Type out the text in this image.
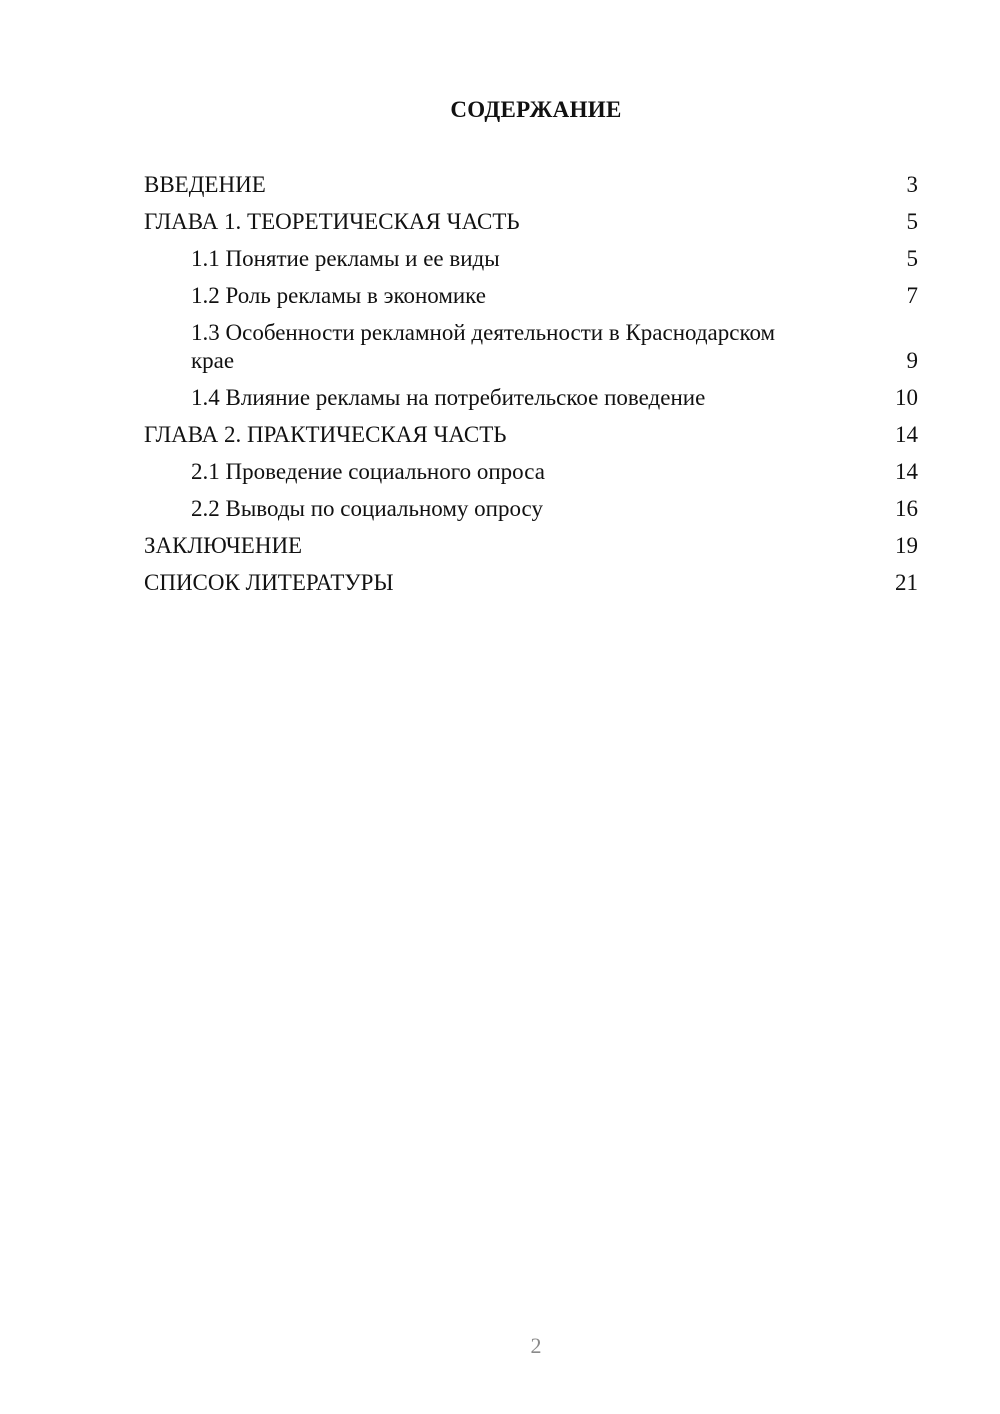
СОДЕРЖАНИЕ
ВВЕДЕНИЕ	3
ГЛАВА 1. ТЕОРЕТИЧЕСКАЯ ЧАСТЬ	5
1.1 Понятие рекламы и ее виды	5
1.2 Роль рекламы в экономике	7
1.3 Особенности рекламной деятельности в Краснодарском крае	9
1.4 Влияние рекламы на потребительское поведение	10
ГЛАВА 2. ПРАКТИЧЕСКАЯ ЧАСТЬ	14
2.1 Проведение социального опроса	14
2.2 Выводы по социальному опросу	16
ЗАКЛЮЧЕНИЕ	19
СПИСОК ЛИТЕРАТУРЫ	21
2
